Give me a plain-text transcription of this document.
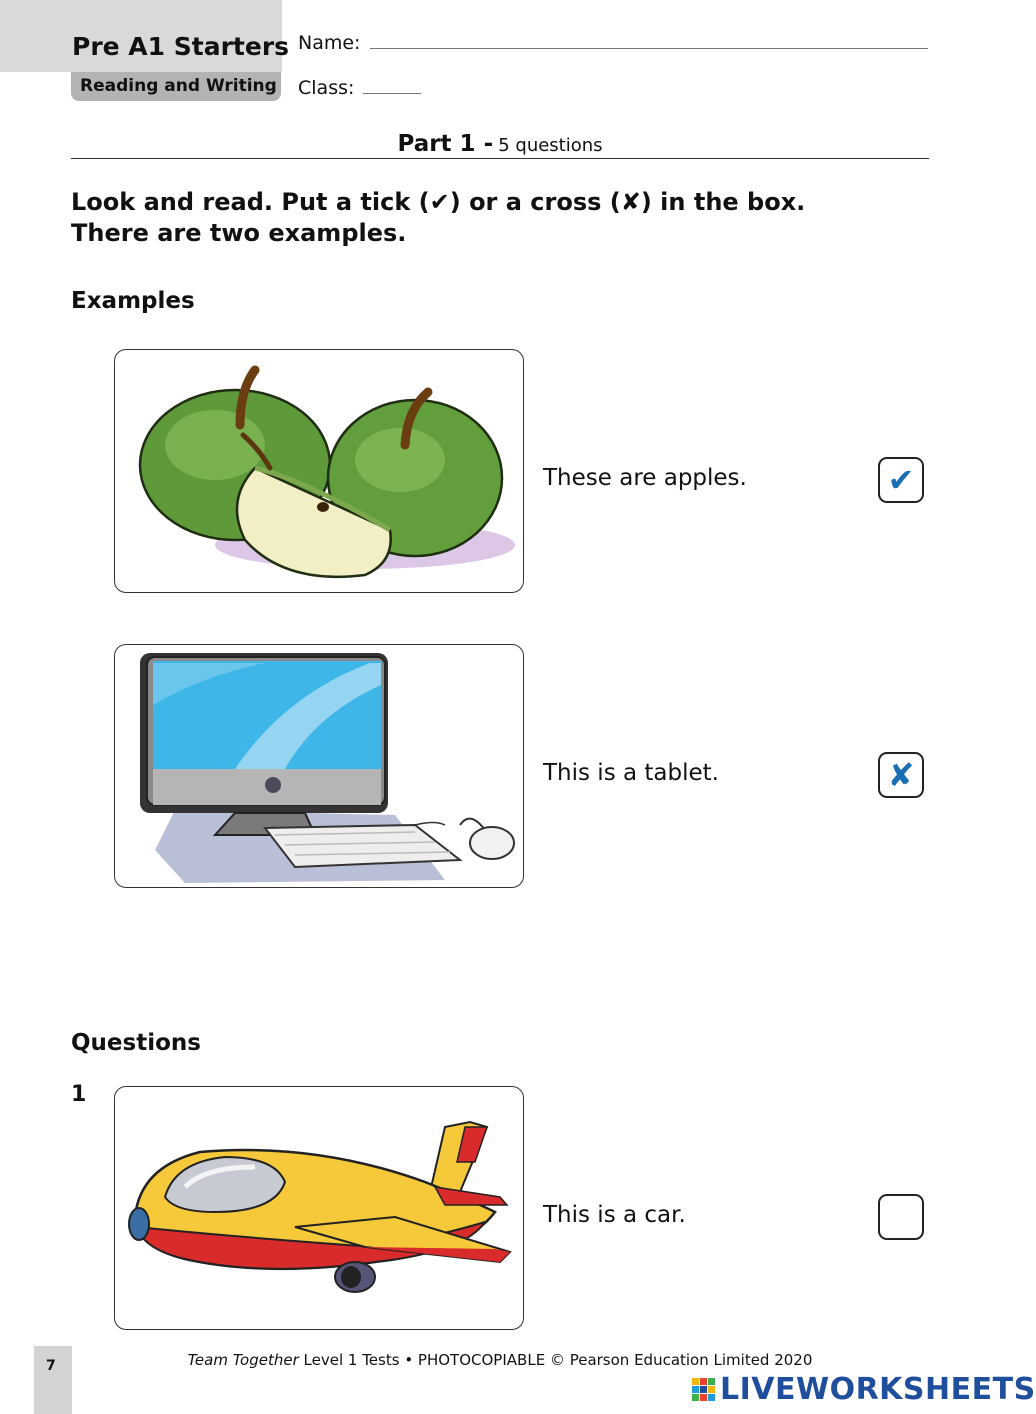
Pre A1 Starters
Reading and Writing
Name:
Class:
Part 1 - 5 questions
Look and read. Put a tick (✔) or a cross (✘) in the box.
There are two examples.
Examples
These are apples.	✔
This is a tablet.	✘
Questions
1
This is a car.
7	Team Together Level 1 Tests • PHOTOCOPIABLE © Pearson Education Limited 2020
LIVEWORKSHEETS
